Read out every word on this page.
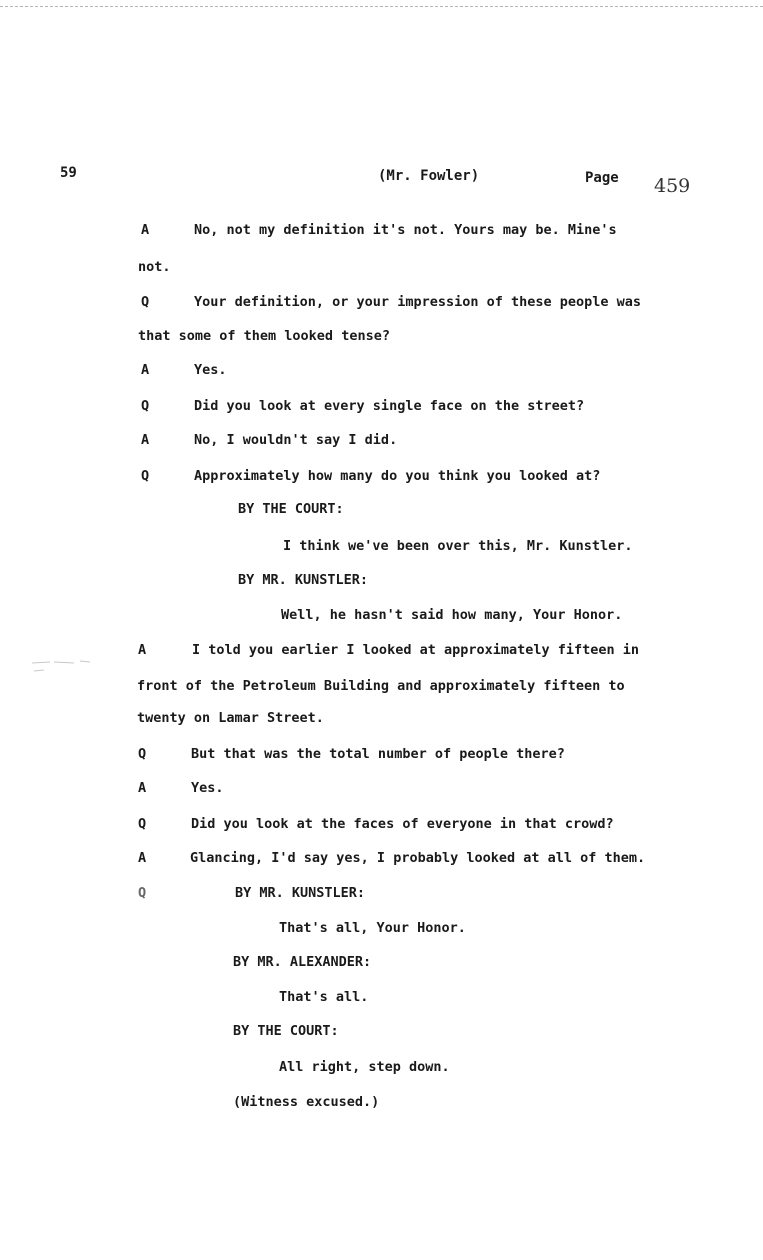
59	(Mr. Fowler)	Page 459
A	No, not my definition it's not. Yours may be. Mine's
not.
Q	Your definition, or your impression of these people was
that some of them looked tense?
A	Yes.
Q	Did you look at every single face on the street?
A	No, I wouldn't say I did.
Q	Approximately how many do you think you looked at?
BY THE COURT:
I think we've been over this, Mr. Kunstler.
BY MR. KUNSTLER:
Well, he hasn't said how many, Your Honor.
A	I told you earlier I looked at approximately fifteen in
front of the Petroleum Building and approximately fifteen to
twenty on Lamar Street.
Q	But that was the total number of people there?
A	Yes.
Q	Did you look at the faces of everyone in that crowd?
A	Glancing, I'd say yes, I probably looked at all of them.
Q	BY MR. KUNSTLER:
That's all, Your Honor.
BY MR. ALEXANDER:
That's all.
BY THE COURT:
All right, step down.
(Witness excused.)
